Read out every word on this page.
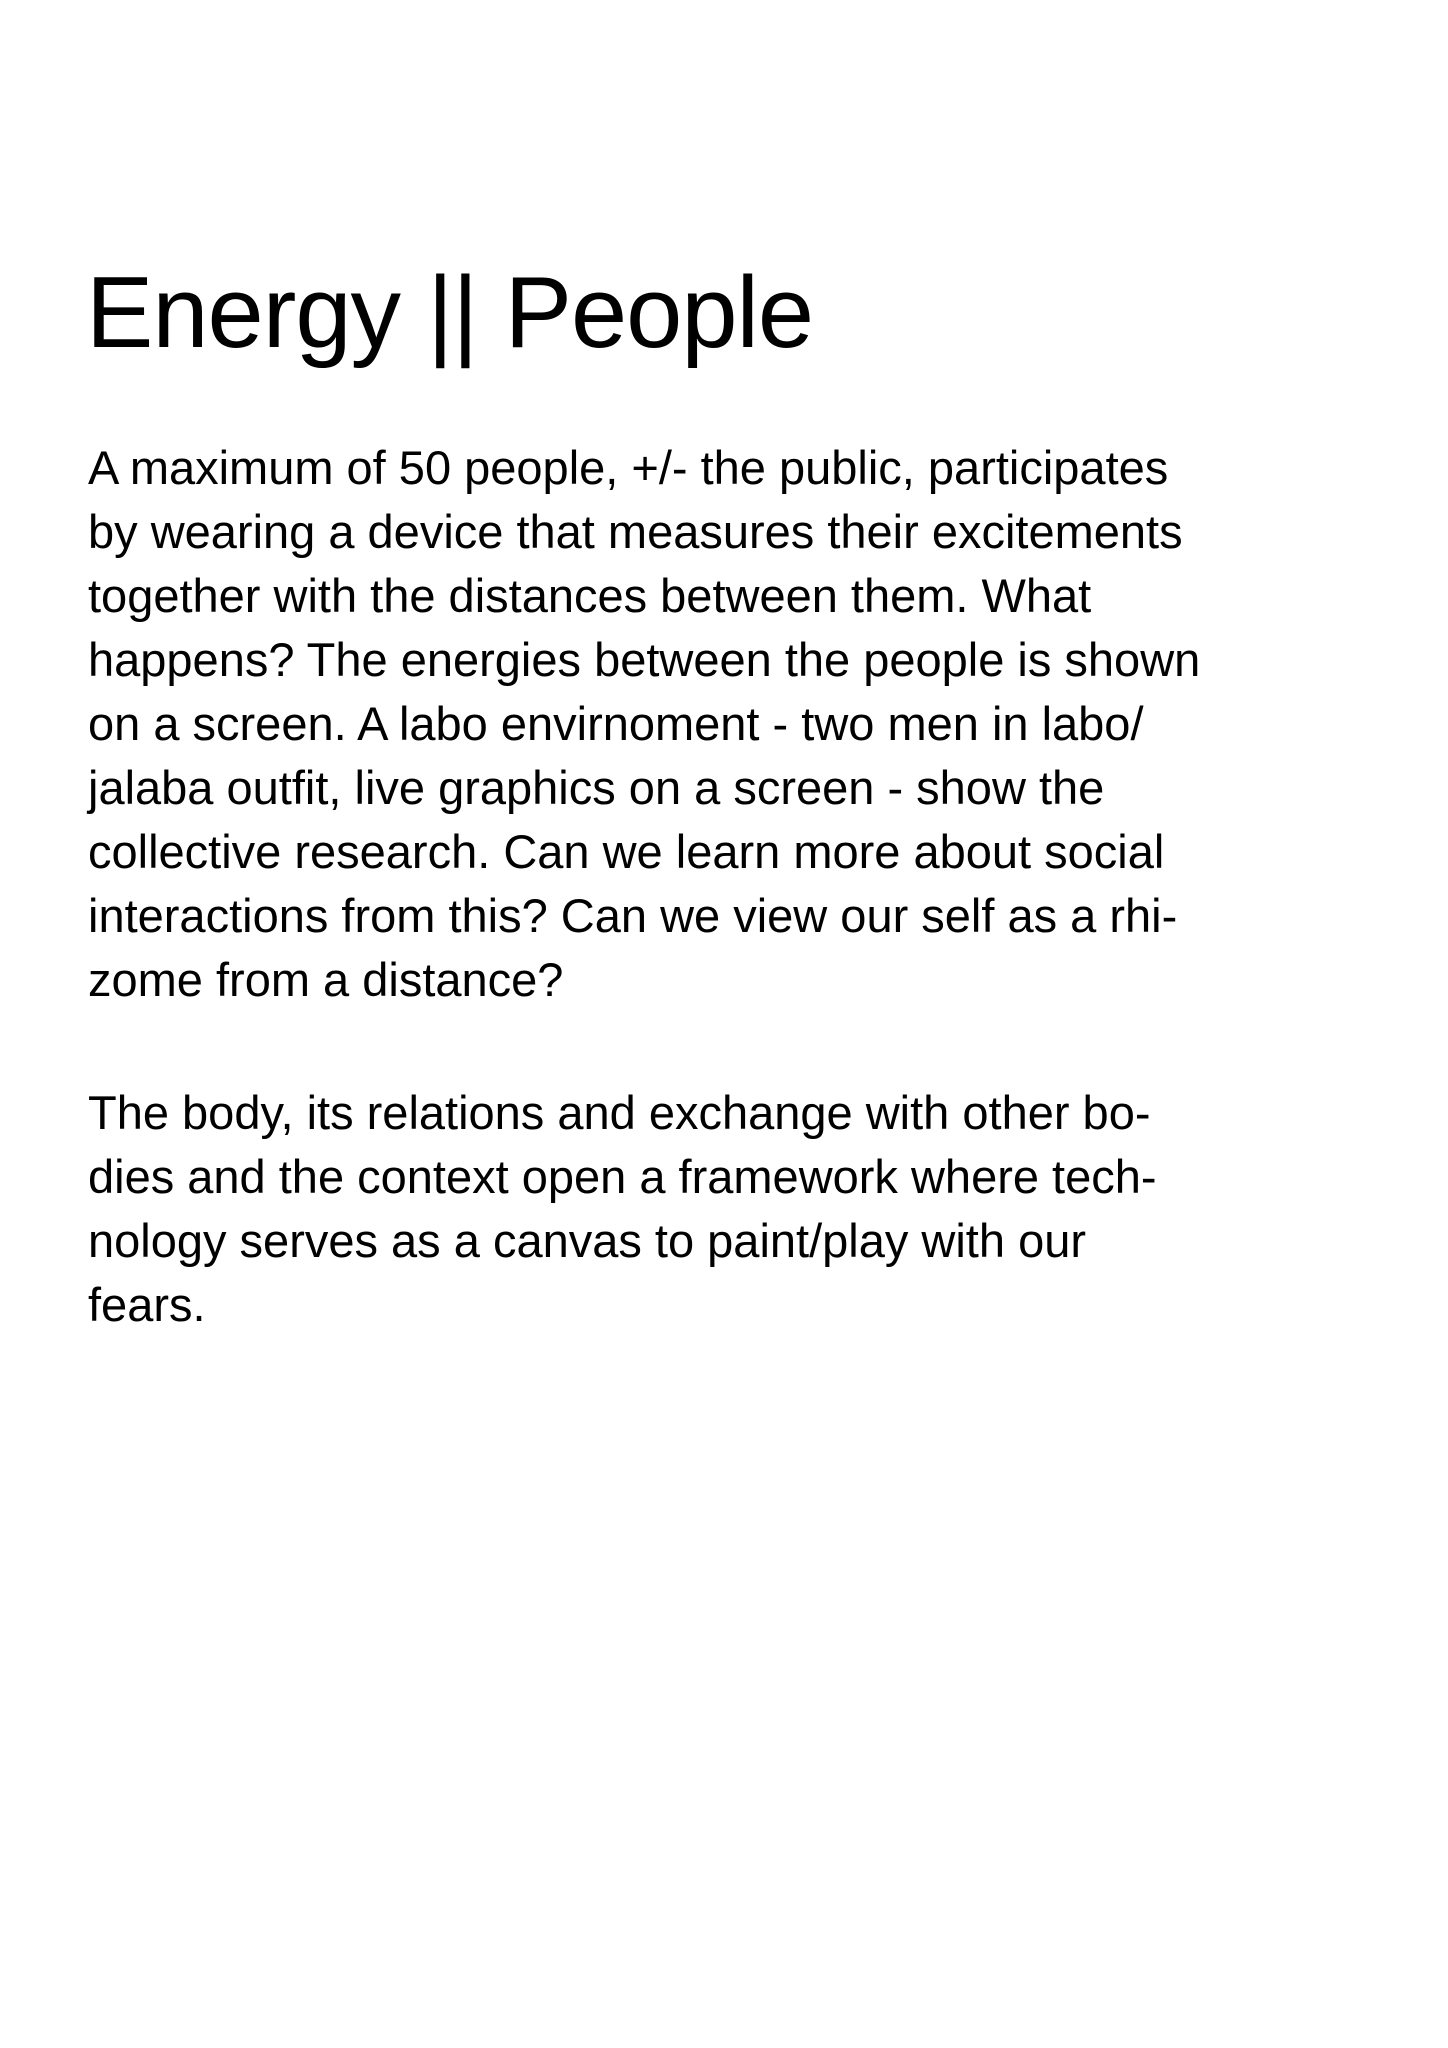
Energy || People

A maximum of 50 people, +/- the public, participates
by wearing a device that measures their excitements
together with the distances between them. What
happens? The energies between the people is shown
on a screen. A labo envirnoment - two men in labo/
jalaba outfit, live graphics on a screen - show the
collective research. Can we learn more about social
interactions from this? Can we view our self as a rhi-
zome from a distance?

The body, its relations and exchange with other bo-
dies and the context open a framework where tech-
nology serves as a canvas to paint/play with our
fears.
